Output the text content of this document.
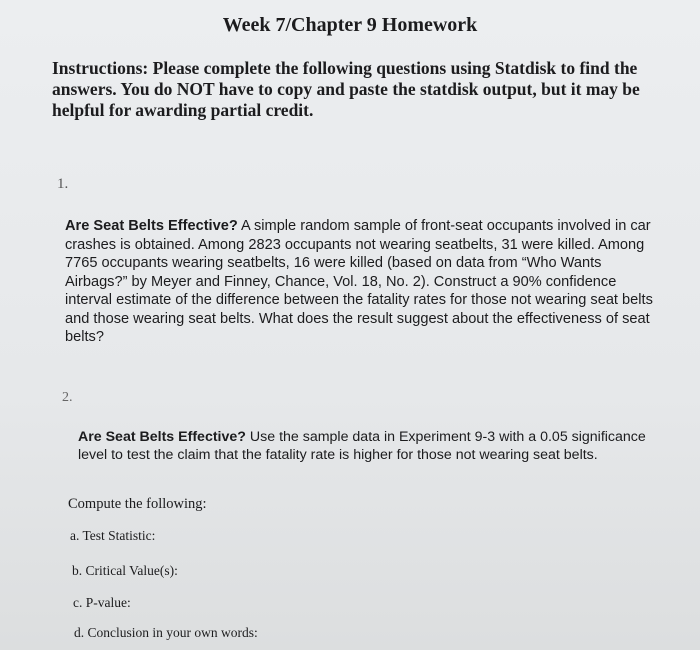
Week 7/Chapter 9 Homework
Instructions: Please complete the following questions using Statdisk to find the answers. You do NOT have to copy and paste the statdisk output, but it may be helpful for awarding partial credit.
1.
Are Seat Belts Effective? A simple random sample of front-seat occupants involved in car crashes is obtained. Among 2823 occupants not wearing seatbelts, 31 were killed. Among 7765 occupants wearing seatbelts, 16 were killed (based on data from “Who Wants Airbags?” by Meyer and Finney, Chance, Vol. 18, No. 2). Construct a 90% confidence interval estimate of the difference between the fatality rates for those not wearing seat belts and those wearing seat belts. What does the result suggest about the effectiveness of seat belts?
2.
Are Seat Belts Effective? Use the sample data in Experiment 9-3 with a 0.05 significance level to test the claim that the fatality rate is higher for those not wearing seat belts.
Compute the following:
a. Test Statistic:
b. Critical Value(s):
c. P-value:
d. Conclusion in your own words:
